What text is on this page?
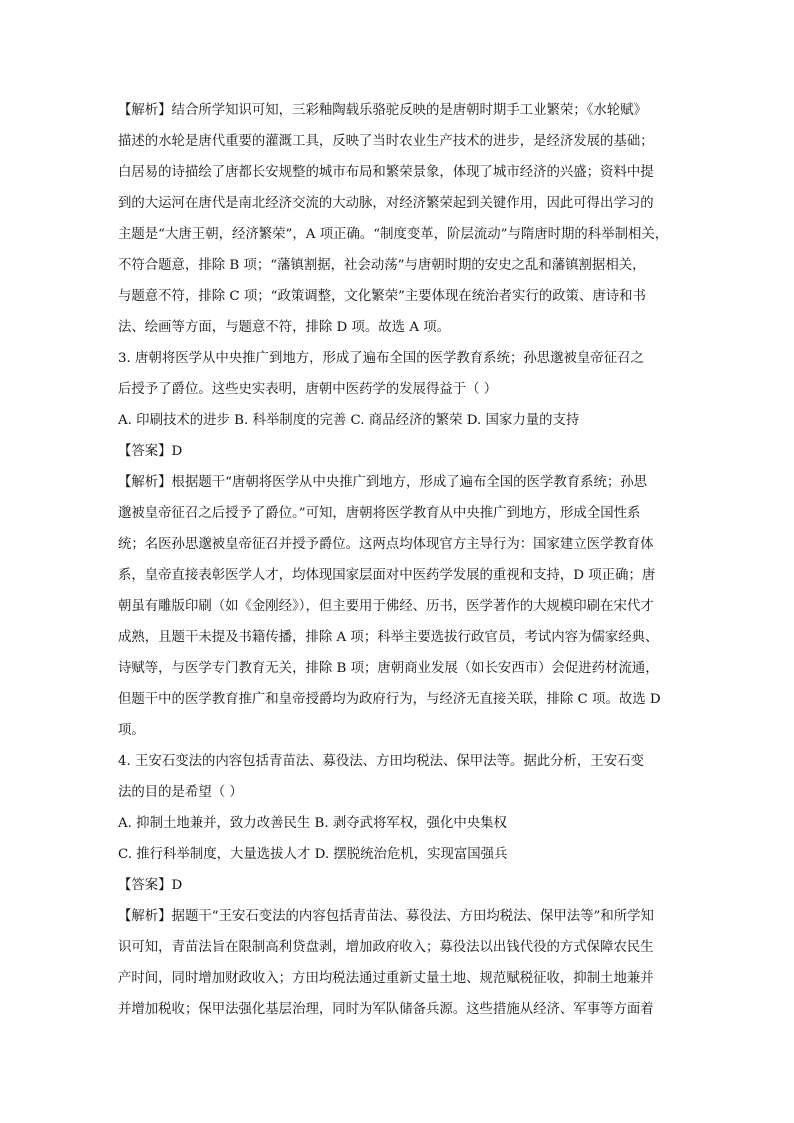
【解析】结合所学知识可知，三彩釉陶载乐骆驼反映的是唐朝时期手工业繁荣；《水轮赋》
描述的水轮是唐代重要的灌溉工具，反映了当时农业生产技术的进步，是经济发展的基础；
白居易的诗描绘了唐都长安规整的城市布局和繁荣景象，体现了城市经济的兴盛；资料中提
到的大运河在唐代是南北经济交流的大动脉，对经济繁荣起到关键作用，因此可得出学习的
主题是“大唐王朝，经济繁荣”，A 项正确。“制度变革，阶层流动”与隋唐时期的科举制相关，
不符合题意，排除 B 项；“藩镇割据，社会动荡”与唐朝时期的安史之乱和藩镇割据相关，
与题意不符，排除 C 项；“政策调整，文化繁荣”主要体现在统治者实行的政策、唐诗和书
法、绘画等方面，与题意不符，排除 D 项。故选 A 项。
3. 唐朝将医学从中央推广到地方，形成了遍布全国的医学教育系统；孙思邈被皇帝征召之
后授予了爵位。这些史实表明，唐朝中医药学的发展得益于（ ）
A. 印刷技术的进步 B. 科举制度的完善 C. 商品经济的繁荣 D. 国家力量的支持
【答案】D
【解析】根据题干“唐朝将医学从中央推广到地方，形成了遍布全国的医学教育系统；孙思
邈被皇帝征召之后授予了爵位。”可知，唐朝将医学教育从中央推广到地方，形成全国性系
统；名医孙思邈被皇帝征召并授予爵位。这两点均体现官方主导行为：国家建立医学教育体
系，皇帝直接表彰医学人才，均体现国家层面对中医药学发展的重视和支持，D 项正确；唐
朝虽有雕版印刷（如《金刚经》），但主要用于佛经、历书，医学著作的大规模印刷在宋代才
成熟，且题干未提及书籍传播，排除 A 项；科举主要选拔行政官员，考试内容为儒家经典、
诗赋等，与医学专门教育无关，排除 B 项；唐朝商业发展（如长安西市）会促进药材流通，
但题干中的医学教育推广和皇帝授爵均为政府行为，与经济无直接关联，排除 C 项。故选 D
项。
4. 王安石变法的内容包括青苗法、募役法、方田均税法、保甲法等。据此分析，王安石变
法的目的是希望（ ）
A. 抑制土地兼并，致力改善民生 B. 剥夺武将军权，强化中央集权
C. 推行科举制度，大量选拔人才 D. 摆脱统治危机，实现富国强兵
【答案】D
【解析】据题干“王安石变法的内容包括青苗法、募役法、方田均税法、保甲法等”和所学知
识可知，青苗法旨在限制高利贷盘剥，增加政府收入；募役法以出钱代役的方式保障农民生
产时间，同时增加财政收入；方田均税法通过重新丈量土地、规范赋税征收，抑制土地兼并
并增加税收；保甲法强化基层治理，同时为军队储备兵源。这些措施从经济、军事等方面着
